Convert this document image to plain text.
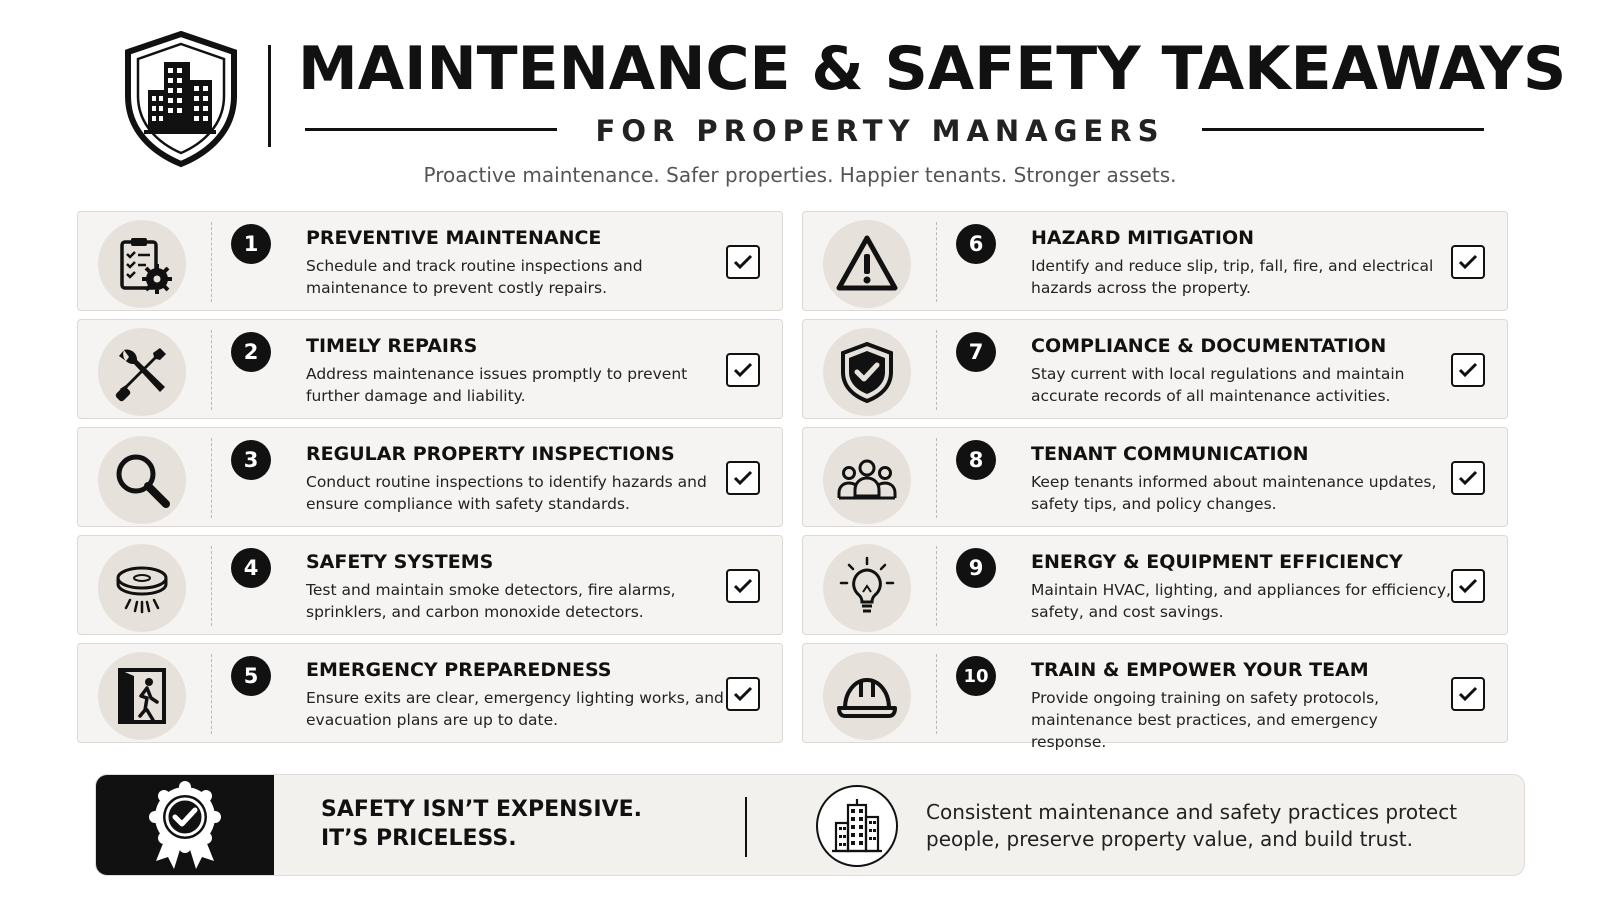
MAINTENANCE & SAFETY TAKEAWAYS
FOR PROPERTY MANAGERS
Proactive maintenance. Safer properties. Happier tenants. Stronger assets.
1	PREVENTIVE MAINTENANCE
Schedule and track routine inspections and maintenance to prevent costly repairs.
2	TIMELY REPAIRS
Address maintenance issues promptly to prevent further damage and liability.
3	REGULAR PROPERTY INSPECTIONS
Conduct routine inspections to identify hazards and ensure compliance with safety standards.
4	SAFETY SYSTEMS
Test and maintain smoke detectors, fire alarms, sprinklers, and carbon monoxide detectors.
5	EMERGENCY PREPAREDNESS
Ensure exits are clear, emergency lighting works, and evacuation plans are up to date.
6	HAZARD MITIGATION
Identify and reduce slip, trip, fall, fire, and electrical hazards across the property.
7	COMPLIANCE & DOCUMENTATION
Stay current with local regulations and maintain accurate records of all maintenance activities.
8	TENANT COMMUNICATION
Keep tenants informed about maintenance updates, safety tips, and policy changes.
9	ENERGY & EQUIPMENT EFFICIENCY
Maintain HVAC, lighting, and appliances for efficiency, safety, and cost savings.
10	TRAIN & EMPOWER YOUR TEAM
Provide ongoing training on safety protocols, maintenance best practices, and emergency response.
SAFETY ISN’T EXPENSIVE.
IT’S PRICELESS.
Consistent maintenance and safety practices protect people, preserve property value, and build trust.
